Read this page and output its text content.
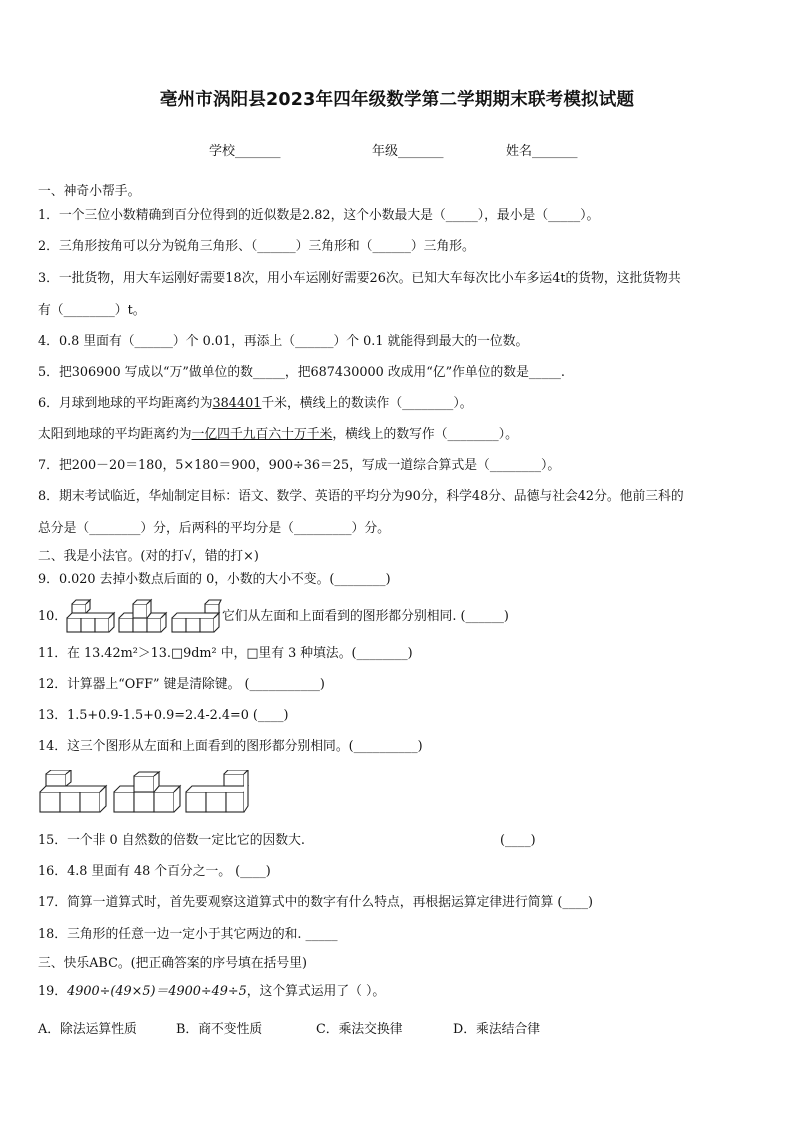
亳州市涡阳县2023年四年级数学第二学期期末联考模拟试题
学校_______	年级_______	姓名_______
一、神奇小帮手。
1．一个三位小数精确到百分位得到的近似数是2.82，这个小数最大是（_____），最小是（_____）。
2．三角形按角可以分为锐角三角形、（______）三角形和（______）三角形。
3．一批货物，用大车运刚好需要18次，用小车运刚好需要26次。已知大车每次比小车多运4t的货物，这批货物共
有（________）t。
4．0.8 里面有（______）个 0.01，再添上（______）个 0.1 就能得到最大的一位数。
5．把306900 写成以“万”做单位的数_____，把687430000 改成用“亿”作单位的数是_____.
6．月球到地球的平均距离约为384401千米，横线上的数读作（________）。
太阳到地球的平均距离约为一亿四千九百六十万千米，横线上的数写作（________）。
7．把200－20＝180，5×180＝900，900÷36＝25，写成一道综合算式是（________）。
8．期末考试临近，华灿制定目标：语文、数学、英语的平均分为90分，科学48分、品德与社会42分。他前三科的
总分是（________）分，后两科的平均分是（_________）分。
二、我是小法官。(对的打√，错的打×)
9．0.020 去掉小数点后面的 0，小数的大小不变。(________)
10．	它们从左面和上面看到的图形都分别相同. (______)
11．在 13.42m²＞13.□9dm² 中，□里有 3 种填法。(________)
12．计算器上“OFF” 键是清除键。 (___________)
13．1.5+0.9-1.5+0.9=2.4-2.4=0 (____)
14．这三个图形从左面和上面看到的图形都分别相同。(__________)
15．一个非 0 自然数的倍数一定比它的因数大.	(____)
16．4.8 里面有 48 个百分之一。 (____)
17．简算一道算式时，首先要观察这道算式中的数字有什么特点，再根据运算定律进行简算 (____)
18．三角形的任意一边一定小于其它两边的和. _____
三、快乐ABC。(把正确答案的序号填在括号里)
19．4900÷(49×5)＝4900÷49÷5，这个算式运用了（ ）。
A．除法运算性质	B．商不变性质	C．乘法交换律	D．乘法结合律
